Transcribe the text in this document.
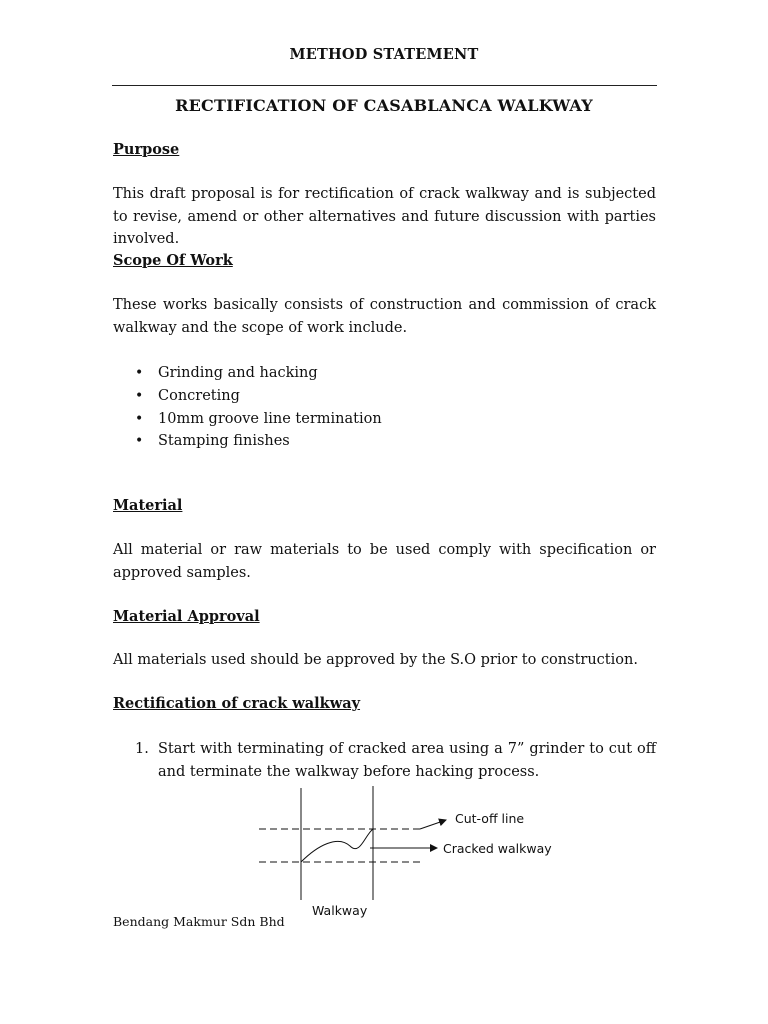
METHOD STATEMENT
RECTIFICATION OF CASABLANCA WALKWAY
Purpose
This draft proposal is for rectification of crack walkway and is subjected to revise, amend or other alternatives and future discussion with parties involved.
Scope Of Work
These works basically consists of construction and commission of crack walkway and the scope of work include.
• Grinding and hacking
• Concreting
• 10mm groove line termination
• Stamping finishes
Material
All material or raw materials to be used comply with specification or approved samples.
Material Approval
All materials used should be approved by the S.O prior to construction.
Rectification of crack walkway
1. Start with terminating of cracked area using a 7” grinder to cut off and terminate the walkway before hacking process.
Cut-off line
Cracked walkway
Walkway
Bendang Makmur Sdn Bhd
